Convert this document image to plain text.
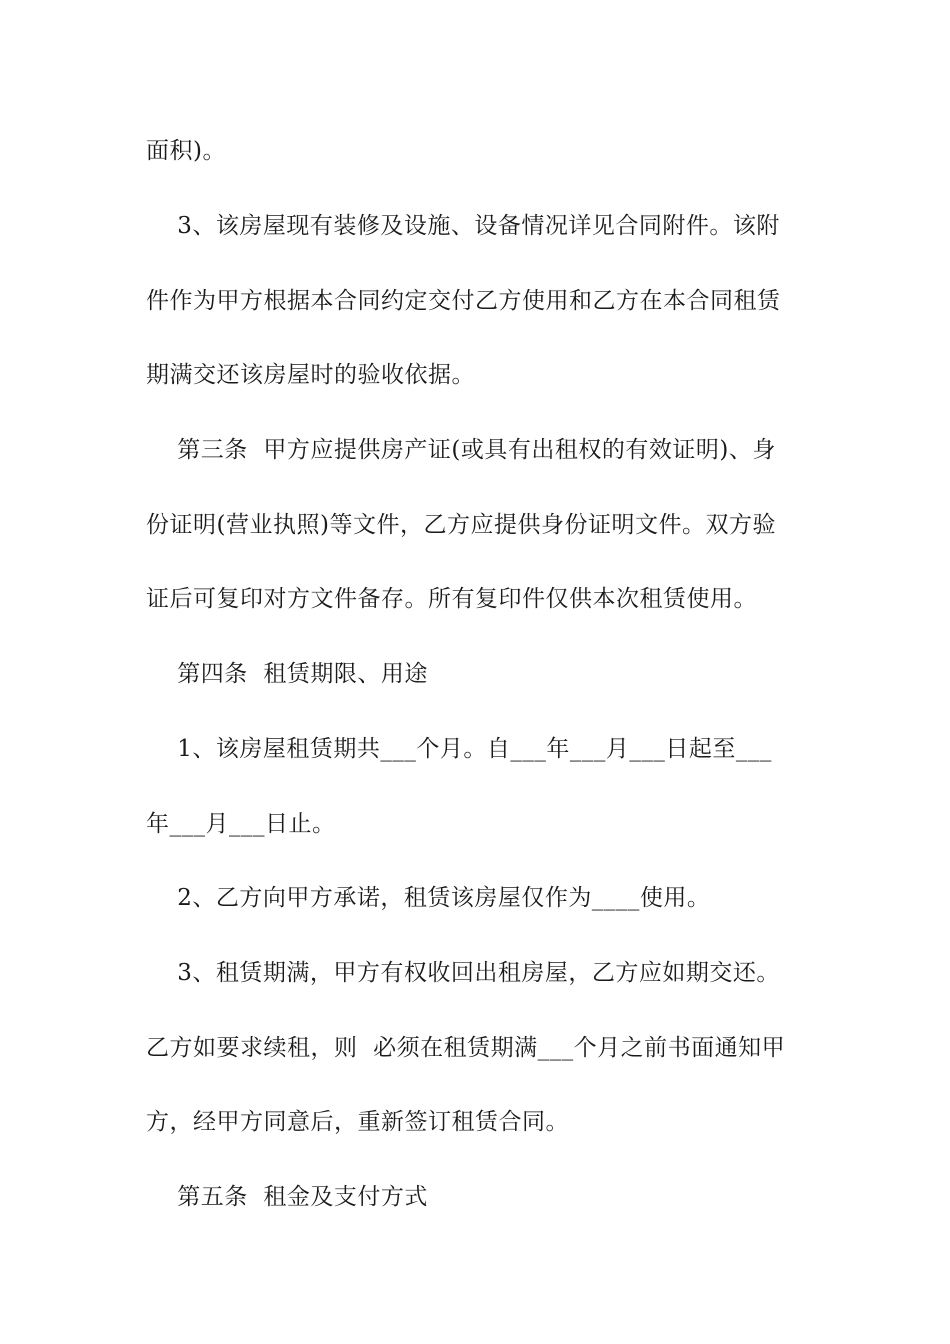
面积)。
3、该房屋现有装修及设施、设备情况详见合同附件。该附
件作为甲方根据本合同约定交付乙方使用和乙方在本合同租赁
期满交还该房屋时的验收依据。
第三条  甲方应提供房产证(或具有出租权的有效证明)、身
份证明(营业执照)等文件，乙方应提供身份证明文件。双方验
证后可复印对方文件备存。所有复印件仅供本次租赁使用。
第四条  租赁期限、用途
1、该房屋租赁期共___个月。自___年___月___日起至___
年___月___日止。
2、乙方向甲方承诺，租赁该房屋仅作为____使用。
3、租赁期满，甲方有权收回出租房屋，乙方应如期交还。
乙方如要求续租，则  必须在租赁期满___个月之前书面通知甲
方，经甲方同意后，重新签订租赁合同。
第五条  租金及支付方式
